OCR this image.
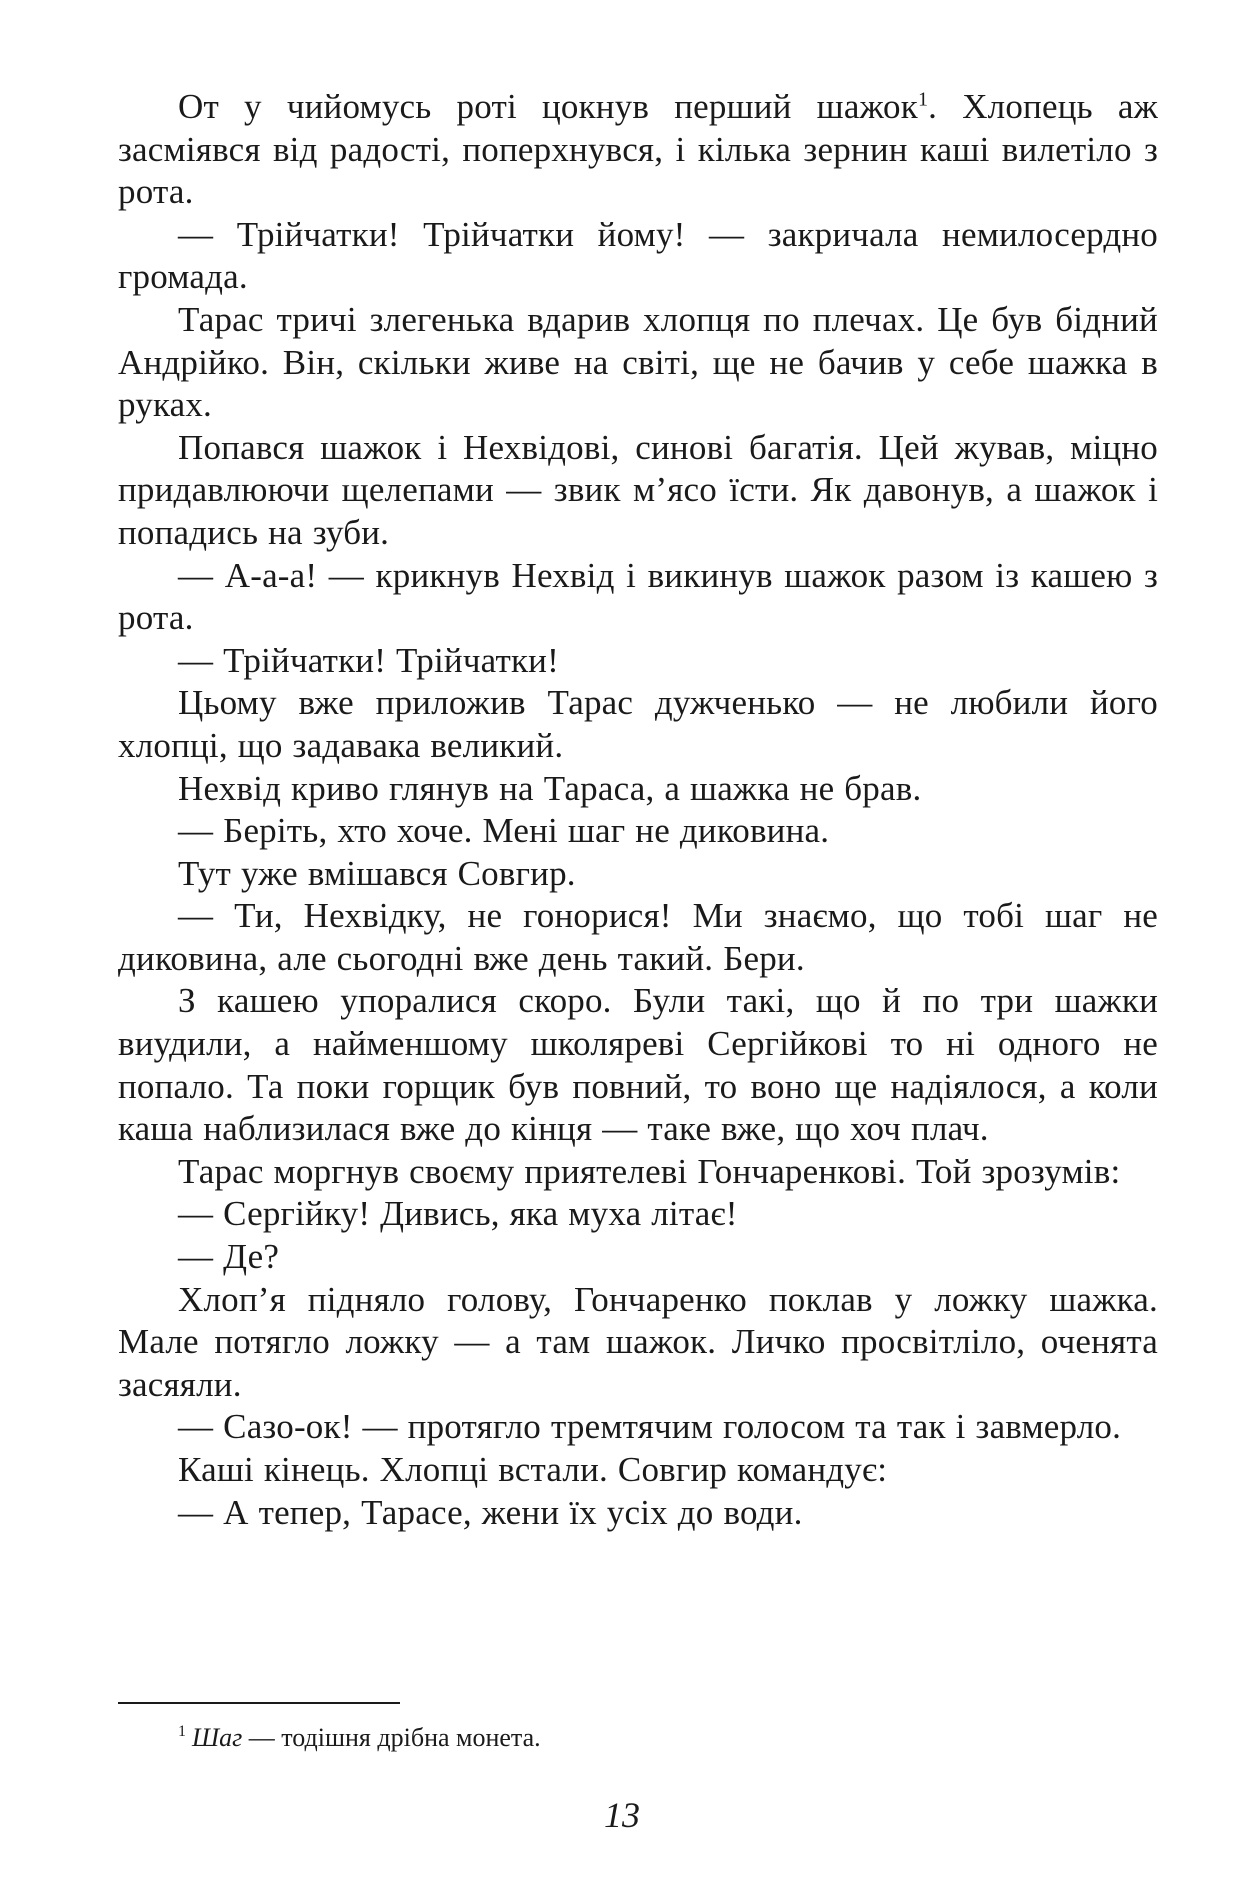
От у чийомусь роті цокнув перший шажок$^1$. Хлопець аж засміявся від радості, поперхнувся, і кілька зернин каші вилетіло з рота.

— Трійчатки! Трійчатки йому! — закричала немилосердно громада.

Тарас тричі злегенька вдарив хлопця по плечах. Це був бідний Андрійко. Він, скільки живе на світі, ще не бачив у себе шажка в руках.

Попався шажок і Нехвідові, синові багатія. Цей жував, міцно придавлюючи щелепами — звик м’ясо їсти. Як давонув, а шажок і попадись на зуби.

— А-а-а! — крикнув Нехвід і викинув шажок разом із кашею з рота.

— Трійчатки! Трійчатки!

Цьому вже приложив Тарас дужченько — не любили його хлопці, що задавака великий.

Нехвід криво глянув на Тараса, а шажка не брав.

— Беріть, хто хоче. Мені шаг не диковина.

Тут уже вмішався Совгир.

— Ти, Нехвідку, не гонорися! Ми знаємо, що тобі шаг не диковина, але сьогодні вже день такий. Бери.

З кашею упоралися скоро. Були такі, що й по три шажки виудили, а найменшому школяреві Сергійкові то ні одного не попало. Та поки горщик був повний, то воно ще надіялося, а коли каша наблизилася вже до кінця — таке вже, що хоч плач.

Тарас моргнув своєму приятелеві Гончаренкові. Той зрозумів:

— Сергійку! Дивись, яка муха літає!

— Де?

Хлоп’я підняло голову, Гончаренко поклав у ложку шажка. Мале потягло ложку — а там шажок. Личко просвітліло, оченята засяяли.

— Сазо-ок! — протягло тремтячим голосом та так і завмерло.

Каші кінець. Хлопці встали. Совгир командує:

— А тепер, Тарасе, жени їх усіх до води.

$^1$ Шаг — тодішня дрібна монета.
13
